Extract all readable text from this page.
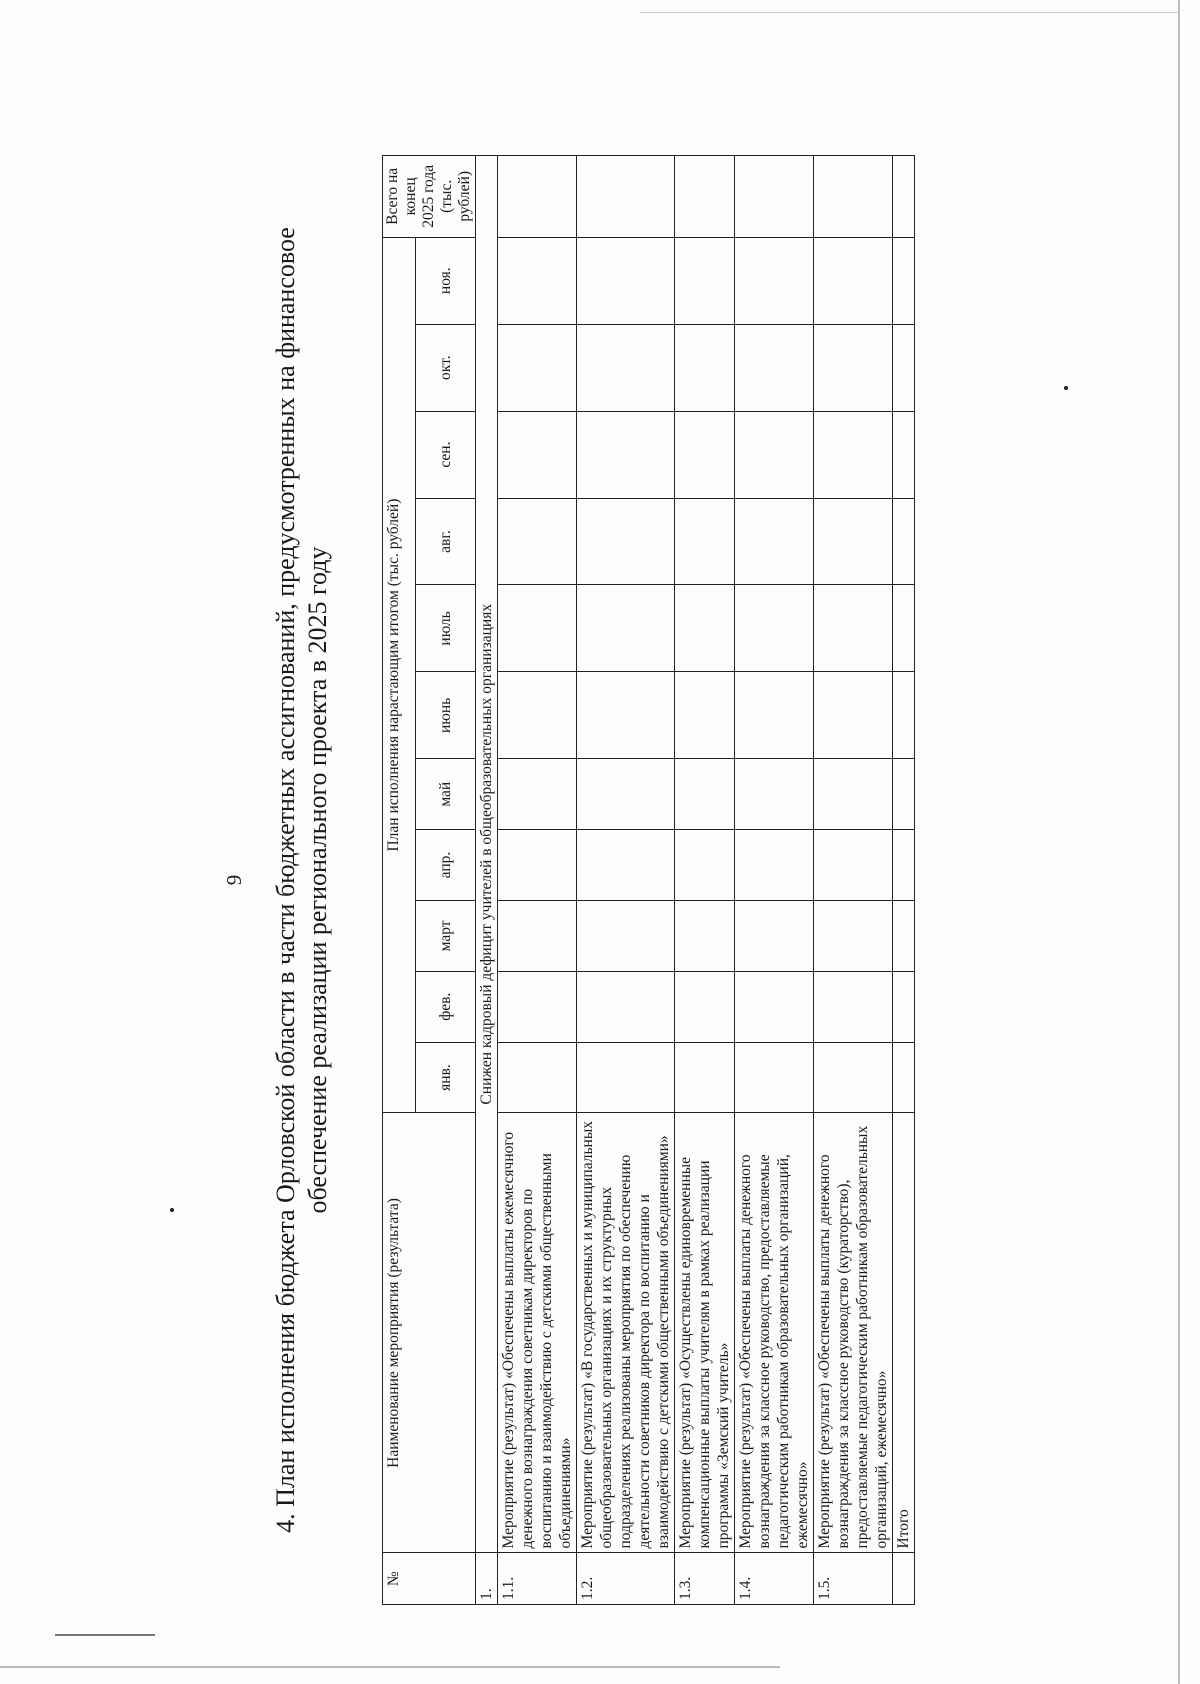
9 4. План исполнения бюджета Орловской области в части бюджетных ассигнований, предусмотренных на финансовое обеспечение реализации регионального проекта в 2025 году
№	Наименование мероприятия (результата)	План исполнения нарастающим итогом (тыс. рублей)											Всего на конец 2025 года (тыс. рублей)
		янв.	фев.	март	апр.	май	июнь	июль	авг.	сен.	окт.	ноя.	
1.	Снижен кадровый дефицит учителей в общеобразовательных организациях												
1.1.	Мероприятие (результат) «Обеспечены выплаты ежемесячного денежного вознаграждения советникам директоров по воспитанию и взаимодействию с детскими общественными объединениями»												
1.2.	Мероприятие (результат) «В государственных и муниципальных общеобразовательных организациях и их структурных подразделениях реализованы мероприятия по обеспечению деятельности советников директора по воспитанию и взаимодействию с детскими общественными объединениями»												
1.3.	Мероприятие (результат) «Осуществлены единовременные компенсационные выплаты учителям в рамках реализации программы «Земский учитель»												
1.4.	Мероприятие (результат) «Обеспечены выплаты денежного вознаграждения за классное руководство, предоставляемые педагогическим работникам образовательных организаций, ежемесячно»												
1.5.	Мероприятие (результат) «Обеспечены выплаты денежного вознаграждения за классное руководство (кураторство), предоставляемые педагогическим работникам образовательных организаций, ежемесячно»												
	Итого												
